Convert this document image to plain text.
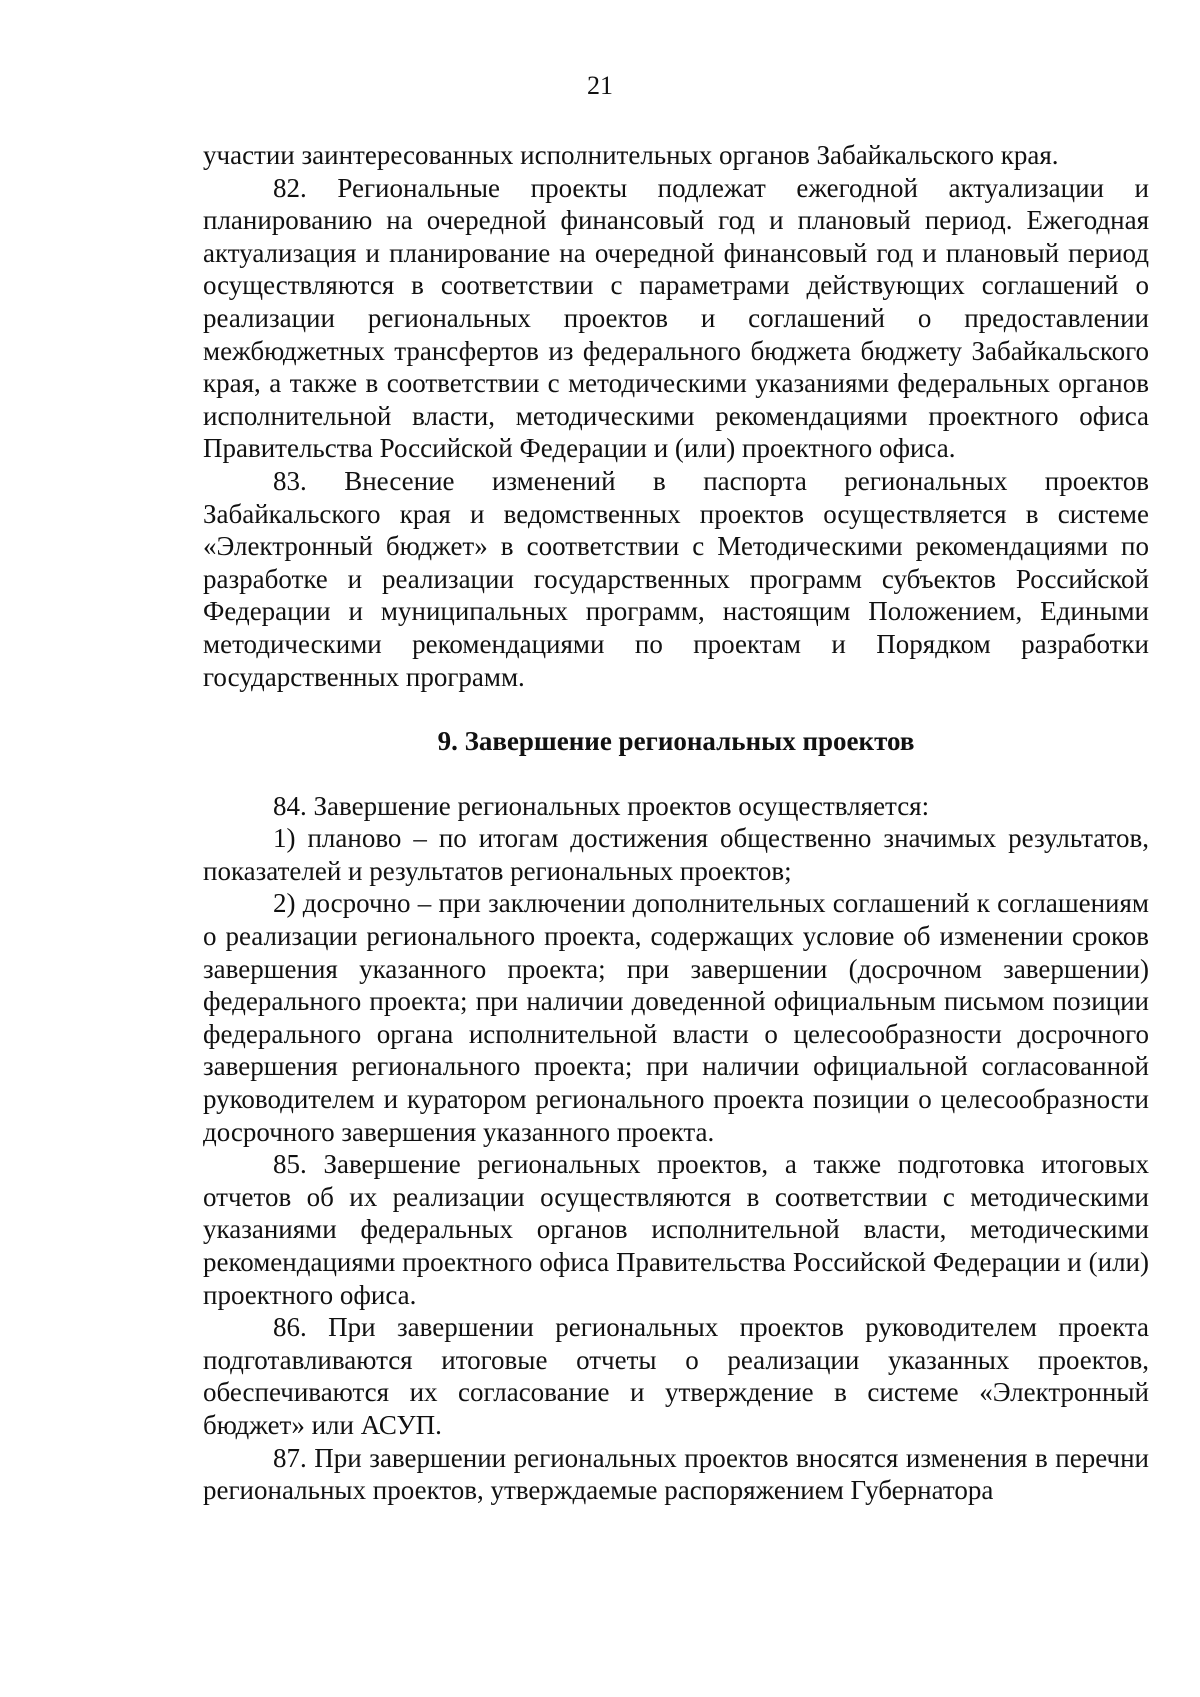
21

участии заинтересованных исполнительных органов Забайкальского края.

82. Региональные проекты подлежат ежегодной актуализации и планированию на очередной финансовый год и плановый период. Ежегодная актуализация и планирование на очередной финансовый год и плановый период осуществляются в соответствии с параметрами действующих соглашений о реализации региональных проектов и соглашений о предоставлении межбюджетных трансфертов из федерального бюджета бюджету Забайкальского края, а также в соответствии с методическими указаниями федеральных органов исполнительной власти, методическими рекомендациями проектного офиса Правительства Российской Федерации и (или) проектного офиса.

83. Внесение изменений в паспорта региональных проектов Забайкальского края и ведомственных проектов осуществляется в системе «Электронный бюджет» в соответствии с Методическими рекомендациями по разработке и реализации государственных программ субъектов Российской Федерации и муниципальных программ, настоящим Положением, Едиными методическими рекомендациями по проектам и Порядком разработки государственных программ.

9. Завершение региональных проектов

84. Завершение региональных проектов осуществляется:

1) планово – по итогам достижения общественно значимых результатов, показателей и результатов региональных проектов;

2) досрочно – при заключении дополнительных соглашений к соглашениям о реализации регионального проекта, содержащих условие об изменении сроков завершения указанного проекта; при завершении (досрочном завершении) федерального проекта; при наличии доведенной официальным письмом позиции федерального органа исполнительной власти о целесообразности досрочного завершения регионального проекта; при наличии официальной согласованной руководителем и куратором регионального проекта позиции о целесообразности досрочного завершения указанного проекта.

85. Завершение региональных проектов, а также подготовка итоговых отчетов об их реализации осуществляются в соответствии с методическими указаниями федеральных органов исполнительной власти, методическими рекомендациями проектного офиса Правительства Российской Федерации и (или) проектного офиса.

86. При завершении региональных проектов руководителем проекта подготавливаются итоговые отчеты о реализации указанных проектов, обеспечиваются их согласование и утверждение в системе «Электронный бюджет» или АСУП.

87. При завершении региональных проектов вносятся изменения в перечни региональных проектов, утверждаемые распоряжением Губернатора
